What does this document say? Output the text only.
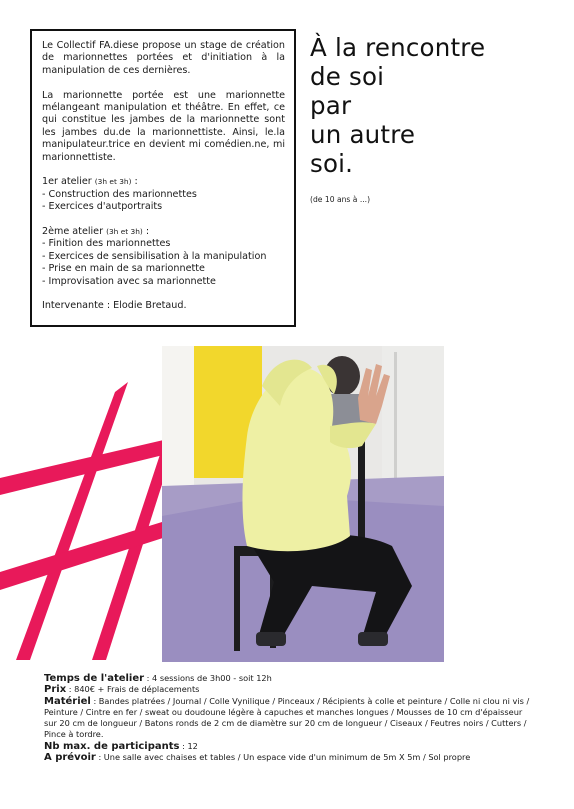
Le Collectif FA.diese propose un stage de création de marionnettes portées et d'initiation à la manipulation de ces dernières.

La marionnette portée est une marionnette mélangeant manipulation et théâtre. En effet, ce qui constitue les jambes de la marionnette sont les jambes du.de la marionnettiste. Ainsi, le.la manipulateur.trice en devient mi comédien.ne, mi marionnettiste.

1er atelier (3h et 3h) :
- Construction des marionnettes
- Exercices d'autportraits
2ème atelier (3h et 3h) :
- Finition des marionnettes
- Exercices de sensibilisation à la manipulation
- Prise en main de sa marionnette
- Improvisation avec sa marionnette
Intervenante : Elodie Bretaud.
À la rencontre
de soi
par
un autre
soi.
(de 10 ans à ...)
Temps de l'atelier : 4 sessions de 3h00 - soit 12h
Prix : 840€ + Frais de déplacements
Matériel : Bandes platrées / Journal / Colle Vynilique / Pinceaux / Récipients à colle et peinture / Colle ni clou ni vis / Peinture / Cintre en fer / sweat ou doudoune légère à capuches et manches longues / Mousses de 10 cm d'épaisseur sur 20 cm de longueur / Batons ronds de 2 cm de diamètre sur 20 cm de longueur / Ciseaux / Feutres noirs / Cutters / Pince à tordre.
Nb max. de participants : 12
A prévoir : Une salle avec chaises et tables / Un espace vide d'un minimum de 5m X 5m / Sol propre
